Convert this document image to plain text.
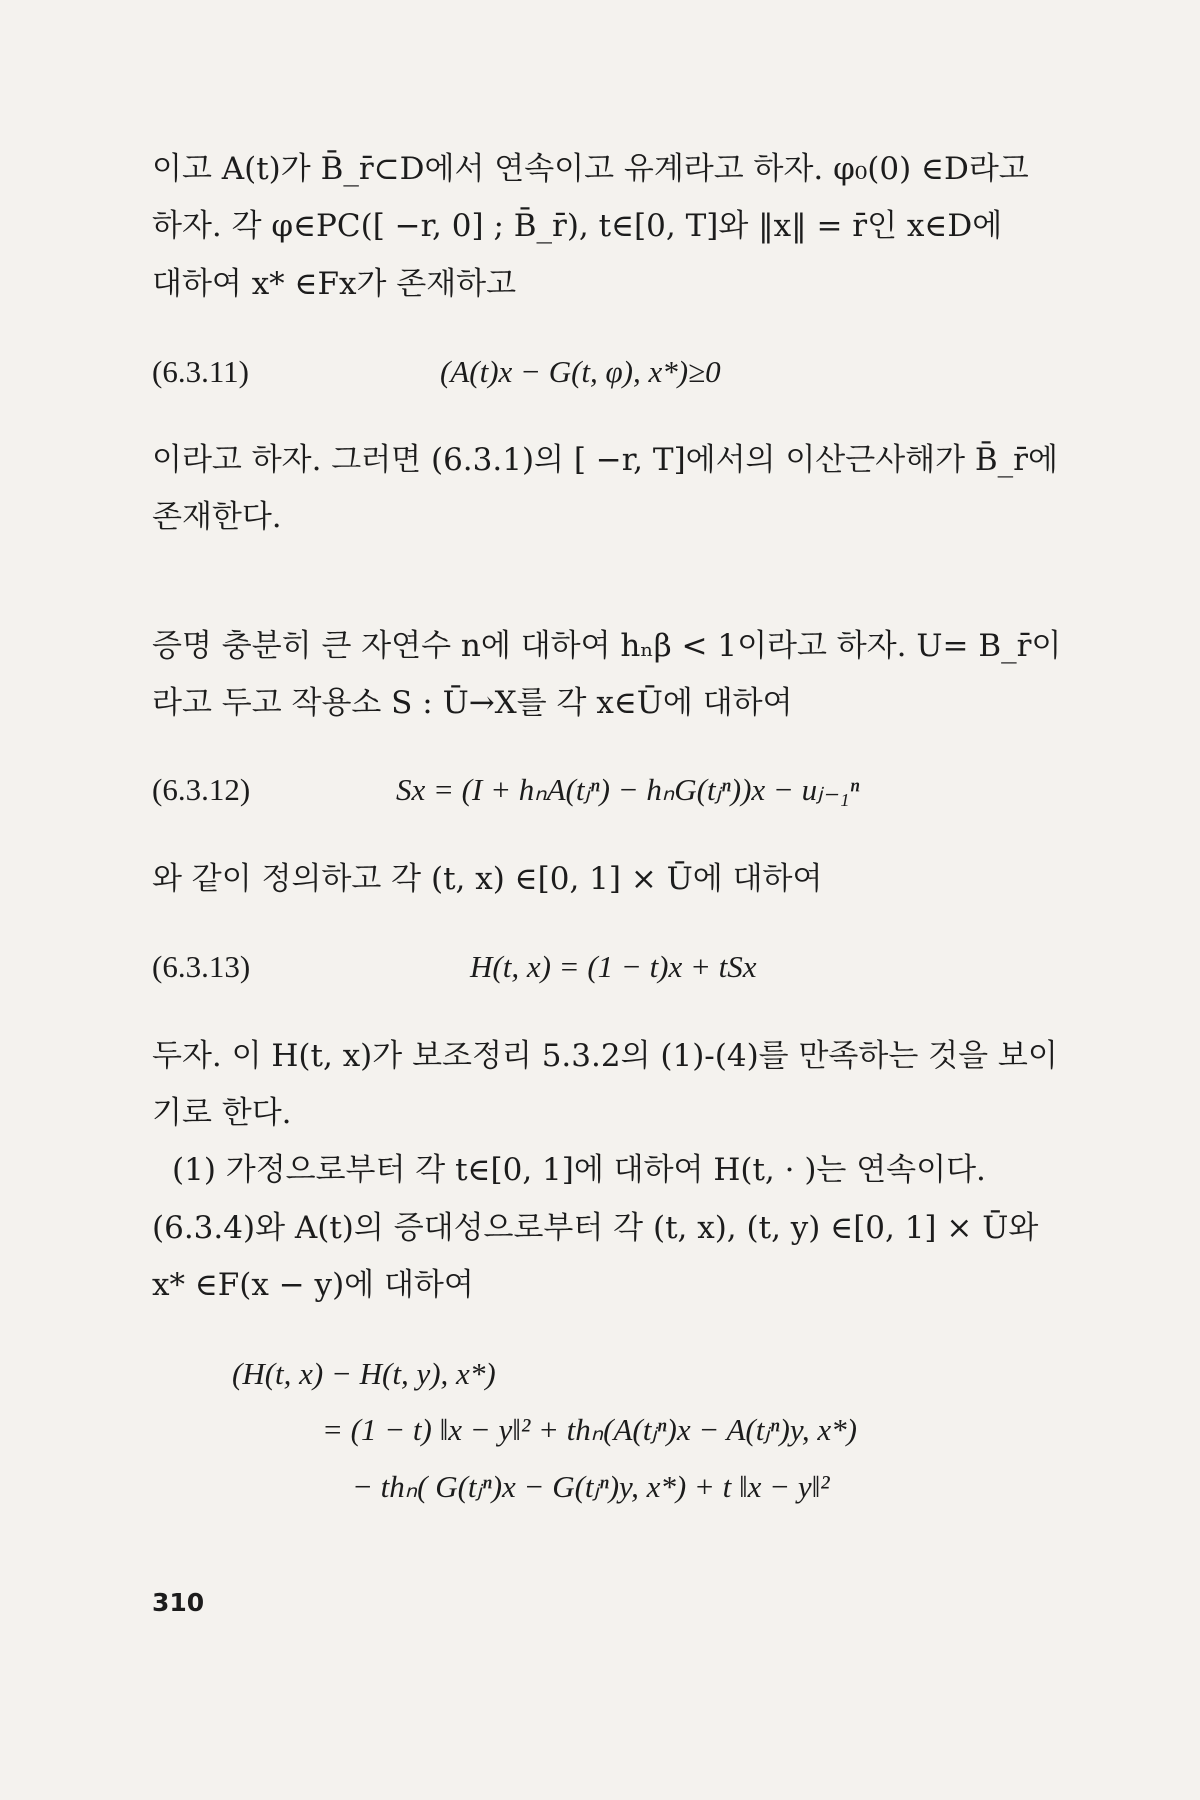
이고 A(t)가 B̄_r̄⊂D에서 연속이고 유계라고 하자. φ₀(0) ∈D라고
하자. 각 φ∈PC([ −r, 0] ; B̄_r̄), t∈[0, T]와 ‖x‖ = r̄인 x∈D에
대하여 x* ∈Fx가 존재하고
(6.3.11)	(A(t)x − G(t, φ), x*)≥0
이라고 하자. 그러면 (6.3.1)의 [ −r, T]에서의 이산근사해가 B̄_r̄에
존재한다.
증명 충분히 큰 자연수 n에 대하여 hₙβ < 1이라고 하자. U= B_r̄이
라고 두고 작용소 S : Ū→X를 각 x∈Ū에 대하여
(6.3.12)	Sx = (I + hₙA(tⱼⁿ) − hₙG(tⱼⁿ))x − uⱼ₋₁ⁿ
와 같이 정의하고 각 (t, x) ∈[0, 1] × Ū에 대하여
(6.3.13)	H(t, x) = (1 − t)x + tSx
두자. 이 H(t, x)가 보조정리 5.3.2의 (1)-(4)를 만족하는 것을 보이
기로 한다.
(1) 가정으로부터 각 t∈[0, 1]에 대하여 H(t, · )는 연속이다.
(6.3.4)와 A(t)의 증대성으로부터 각 (t, x), (t, y) ∈[0, 1] × Ū와
x* ∈F(x − y)에 대하여
(H(t, x) − H(t, y), x*)
= (1 − t) ‖x − y‖² + thₙ(A(tⱼⁿ)x − A(tⱼⁿ)y, x*)
− thₙ( G(tⱼⁿ)x − G(tⱼⁿ)y, x*) + t ‖x − y‖²
310
